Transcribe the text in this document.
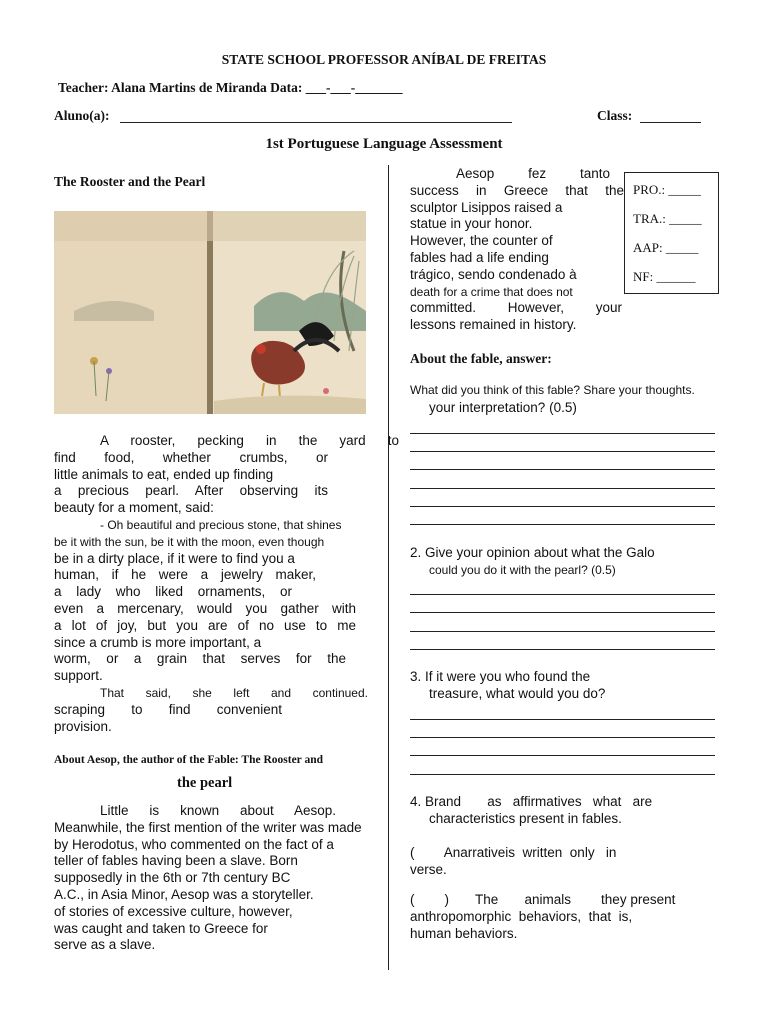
STATE SCHOOL PROFESSOR ANÍBAL DE FREITAS
Teacher: Alana Martins de Miranda Data: ___-___-_______
Aluno(a):	Class:
1st Portuguese Language Assessment
The Rooster and the Pearl
A rooster, pecking in the yard to
find food, whether crumbs, or
little animals to eat, ended up finding
a precious pearl. After observing its
beauty for a moment, said:
- Oh beautiful and precious stone, that shines
be it with the sun, be it with the moon, even though
be in a dirty place, if it were to find you a
human, if he were a jewelry maker,
a lady who liked ornaments, or
even a mercenary, would you gather with
a lot of joy, but you are of no use to me
since a crumb is more important, a
worm, or a grain that serves for the
support.
That said, she left and continued.
scraping to find convenient
provision.
About Aesop, the author of the Fable: The Rooster and
the pearl
Little is known about Aesop.
Meanwhile, the first mention of the writer was made
by Herodotus, who commented on the fact of a
teller of fables having been a slave. Born
supposedly in the 6th or 7th century BC
A.C., in Asia Minor, Aesop was a storyteller.
of stories of excessive culture, however,
was caught and taken to Greece for
serve as a slave.
Aesop fez tanto
success in Greece that the
sculptor Lisippos raised a
statue in your honor.
However, the counter of
fables had a life ending
trágico, sendo condenado à
death for a crime that does not
committed. However, your
lessons remained in history.
PRO.: _____
TRA.: _____
AAP: _____
NF: ______
About the fable, answer:
What did you think of this fable? Share your thoughts.
your interpretation? (0.5)
2. Give your opinion about what the Galo
could you do it with the pearl? (0.5)
3. If it were you who found the
treasure, what would you do?
4. Brand       as   affirmatives   what   are
characteristics present in fables.
(        Anarrativeis  written  only   in
verse.
(        )       The       animals        they present
anthropomorphic  behaviors,  that  is,
human behaviors.
